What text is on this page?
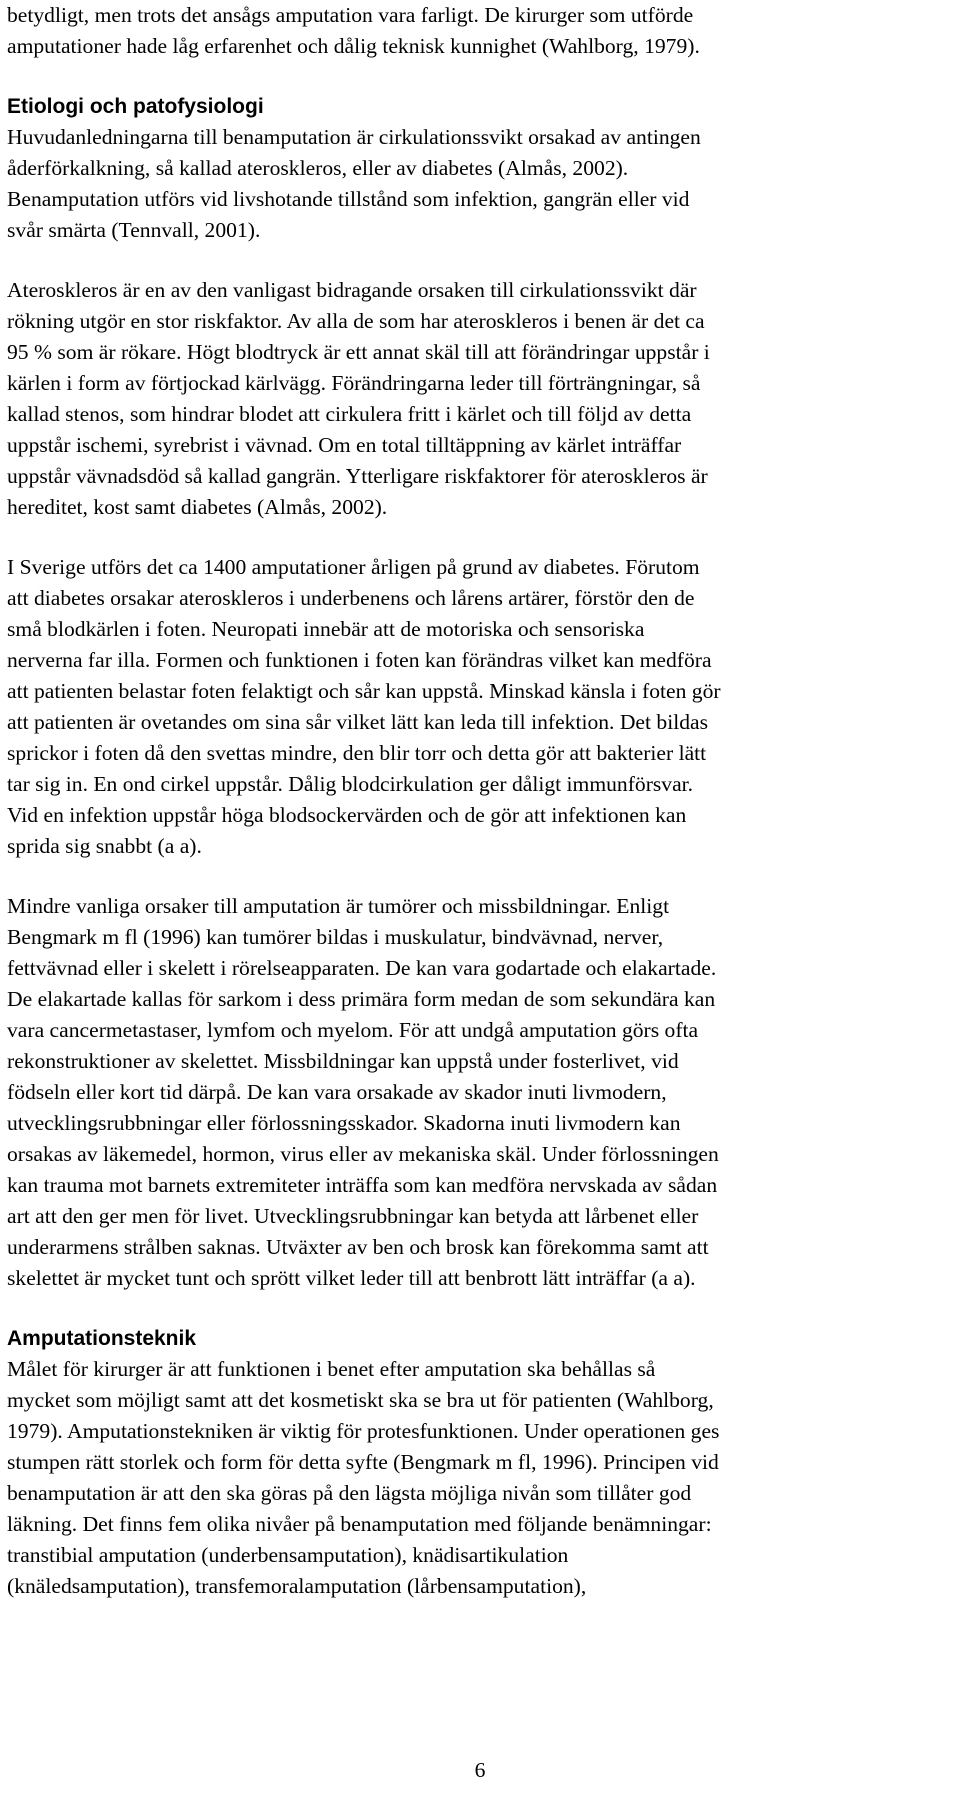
betydligt, men trots det ansågs amputation vara farligt. De kirurger som utförde
amputationer hade låg erfarenhet och dålig teknisk kunnighet (Wahlborg, 1979).
Etiologi och patofysiologi
Huvudanledningarna till benamputation är cirkulationssvikt orsakad av antingen
åderförkalkning, så kallad ateroskleros, eller av diabetes (Almås, 2002).
Benamputation utförs vid livshotande tillstånd som infektion, gangrän eller vid
svår smärta (Tennvall, 2001).
Ateroskleros är en av den vanligast bidragande orsaken till cirkulationssvikt där
rökning utgör en stor riskfaktor. Av alla de som har ateroskleros i benen är det ca
95 % som är rökare. Högt blodtryck är ett annat skäl till att förändringar uppstår i
kärlen i form av förtjockad kärlvägg. Förändringarna leder till förträngningar, så
kallad stenos, som hindrar blodet att cirkulera fritt i kärlet och till följd av detta
uppstår ischemi, syrebrist i vävnad. Om en total tilltäppning av kärlet inträffar
uppstår vävnadsdöd så kallad gangrän. Ytterligare riskfaktorer för ateroskleros är
hereditet, kost samt diabetes (Almås, 2002).
I Sverige utförs det ca 1400 amputationer årligen på grund av diabetes. Förutom
att diabetes orsakar ateroskleros i underbenens och lårens artärer, förstör den de
små blodkärlen i foten. Neuropati innebär att de motoriska och sensoriska
nerverna far illa. Formen och funktionen i foten kan förändras vilket kan medföra
att patienten belastar foten felaktigt och sår kan uppstå. Minskad känsla i foten gör
att patienten är ovetandes om sina sår vilket lätt kan leda till infektion. Det bildas
sprickor i foten då den svettas mindre, den blir torr och detta gör att bakterier lätt
tar sig in. En ond cirkel uppstår. Dålig blodcirkulation ger dåligt immunförsvar.
Vid en infektion uppstår höga blodsockervärden och de gör att infektionen kan
sprida sig snabbt (a a).
Mindre vanliga orsaker till amputation är tumörer och missbildningar. Enligt
Bengmark m fl (1996) kan tumörer bildas i muskulatur, bindvävnad, nerver,
fettvävnad eller i skelett i rörelseapparaten. De kan vara godartade och elakartade.
De elakartade kallas för sarkom i dess primära form medan de som sekundära kan
vara cancermetastaser, lymfom och myelom. För att undgå amputation görs ofta
rekonstruktioner av skelettet. Missbildningar kan uppstå under fosterlivet, vid
födseln eller kort tid därpå. De kan vara orsakade av skador inuti livmodern,
utvecklingsrubbningar eller förlossningsskador. Skadorna inuti livmodern kan
orsakas av läkemedel, hormon, virus eller av mekaniska skäl. Under förlossningen
kan trauma mot barnets extremiteter inträffa som kan medföra nervskada av sådan
art att den ger men för livet. Utvecklingsrubbningar kan betyda att lårbenet eller
underarmens strålben saknas. Utväxter av ben och brosk kan förekomma samt att
skelettet är mycket tunt och sprött vilket leder till att benbrott lätt inträffar (a a).
Amputationsteknik
Målet för kirurger är att funktionen i benet efter amputation ska behållas så
mycket som möjligt samt att det kosmetiskt ska se bra ut för patienten (Wahlborg,
1979). Amputationstekniken är viktig för protesfunktionen. Under operationen ges
stumpen rätt storlek och form för detta syfte (Bengmark m fl, 1996). Principen vid
benamputation är att den ska göras på den lägsta möjliga nivån som tillåter god
läkning. Det finns fem olika nivåer på benamputation med följande benämningar:
transtibial amputation (underbensamputation), knädisartikulation
(knäledsamputation), transfemoralamputation (lårbensamputation),
6
